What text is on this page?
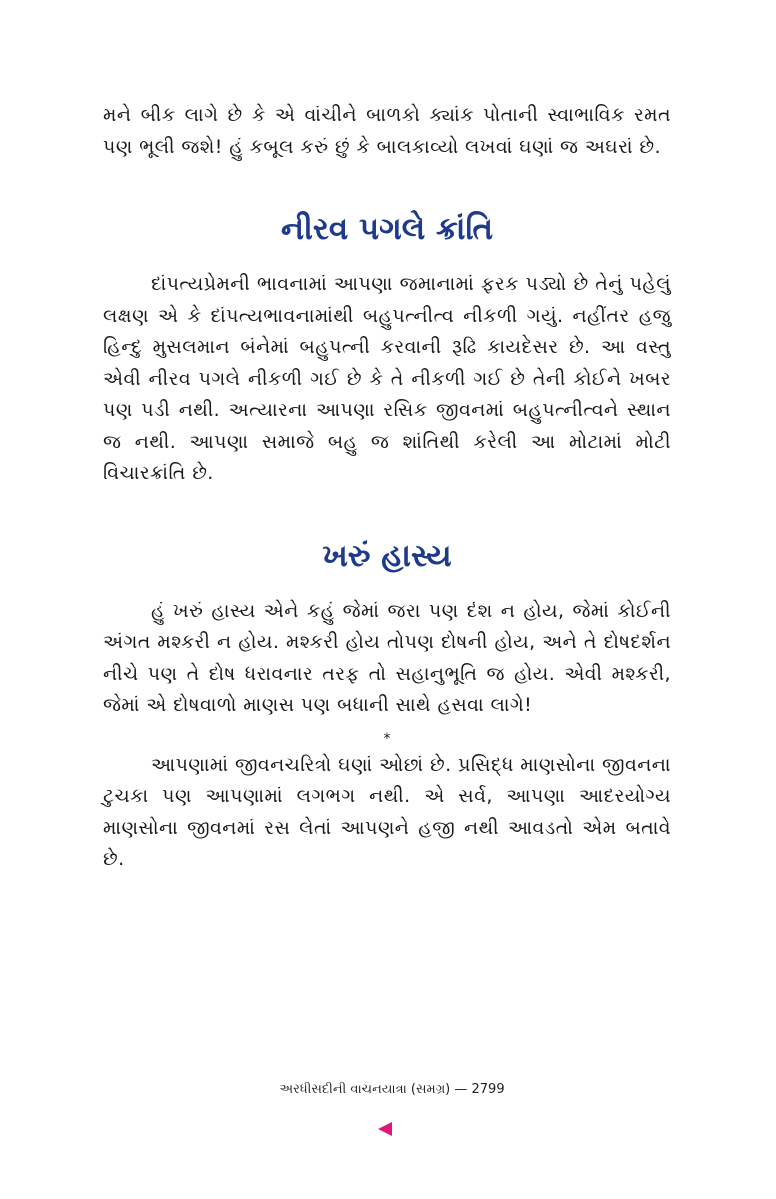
મને બીક લાગે છે કે એ વાંચીને બાળકો ક્યાંક પોતાની સ્વાભાવિક રમત પણ ભૂલી જશે! હું કબૂલ કરું છું કે બાલકાવ્યો લખવાં ઘણાં જ અઘરાં છે.

નીરવ પગલે ક્રાંતિ

દાંપત્યપ્રેમની ભાવનામાં આપણા જમાનામાં ફરક પડ્યો છે તેનું પહેલું લક્ષણ એ કે દાંપત્યભાવનામાંથી બહુપત્નીત્વ નીકળી ગયું. નહીંતર હજુ હિન્દુ મુસલમાન બંનેમાં બહુપત્ની કરવાની રૂઢિ કાયદેસર છે. આ વસ્તુ એવી નીરવ પગલે નીકળી ગઈ છે કે તે નીકળી ગઈ છે તેની કોઈને ખબર પણ પડી નથી. અત્યારના આપણા રસિક જીવનમાં બહુપત્નીત્વને સ્થાન જ નથી. આપણા સમાજે બહુ જ શાંતિથી કરેલી આ મોટામાં મોટી વિચારક્રાંતિ છે.

ખરું હાસ્ય

હું ખરું હાસ્ય એને કહું જેમાં જરા પણ દંશ ન હોય, જેમાં કોઈની અંગત મશ્કરી ન હોય. મશ્કરી હોય તોપણ દોષની હોય, અને તે દોષદર્શન નીચે પણ તે દોષ ધરાવનાર તરફ તો સહાનુભૂતિ જ હોય. એવી મશ્કરી, જેમાં એ દોષવાળો માણસ પણ બધાની સાથે હસવા લાગે!

*

આપણામાં જીવનચરિત્રો ઘણાં ઓછાં છે. પ્રસિદ્ધ માણસોના જીવનના ટુચકા પણ આપણામાં લગભગ નથી. એ સર્વ, આપણા આદરયોગ્ય માણસોના જીવનમાં રસ લેતાં આપણને હજી નથી આવડતો એમ બતાવે છે.

અરધીસદીની વાચનયાત્રા (સમગ્ર) — 2799
